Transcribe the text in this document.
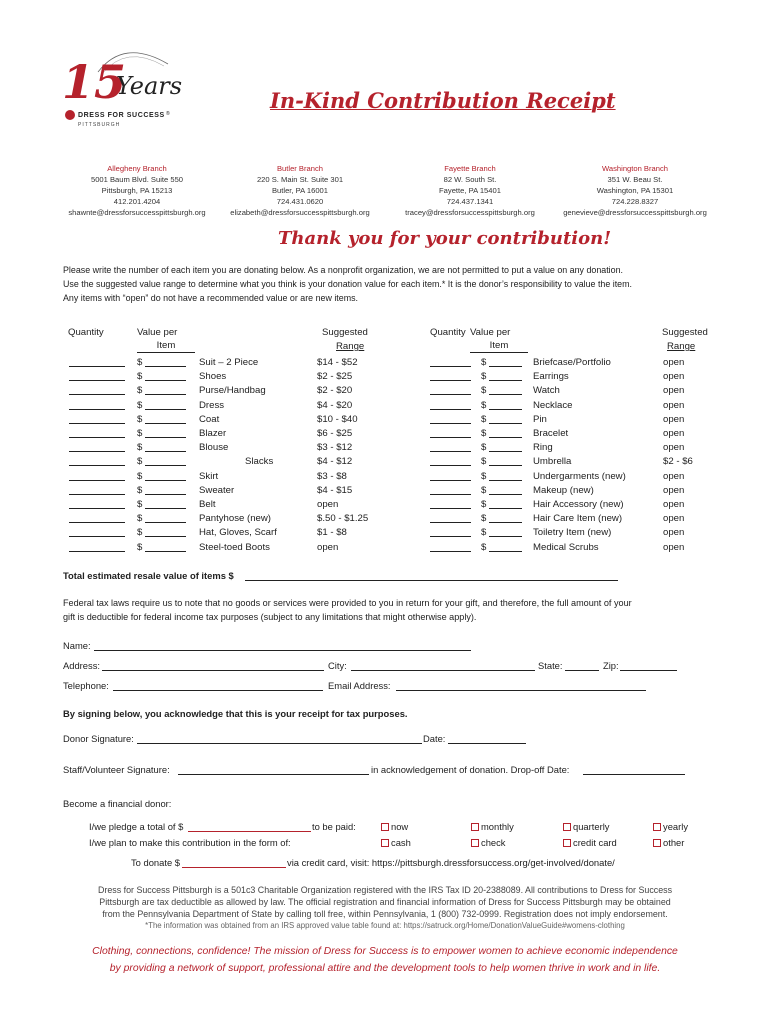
15
Years
DRESS FOR SUCCESS ®
PITTSBURGH
In-Kind Contribution Receipt
Allegheny Branch
5001 Baum Blvd. Suite 550
Pittsburgh, PA 15213
412.201.4204
shawnte@dressforsuccesspittsburgh.org
Butler Branch
220 S. Main St. Suite 301
Butler, PA 16001
724.431.0620
elizabeth@dressforsuccesspittsburgh.org
Fayette Branch
82 W. South St.
Fayette, PA 15401
724.437.1341
tracey@dressforsuccesspittsburgh.org
Washington Branch
351 W. Beau St.
Washington, PA 15301
724.228.8327
genevieve@dressforsuccesspittsburgh.org
Thank you for your contribution!
Please write the number of each item you are donating below. As a nonprofit organization, we are not permitted to put a value on any donation.
Use the suggested value range to determine what you think is your donation value for each item.* It is the donor’s responsibility to value the item.
Any items with “open” do not have a recommended value or are new items.
Quantity	Value per
Item
Suggested
Range
Quantity Value per
Item
Suggested
Range
$	Suit – 2 Piece	$14 - $52
$	Shoes	$2 - $25
$	Purse/Handbag	$2 - $20
$	Dress	$4 - $20
$	Coat	$10 - $40
$	Blazer	$6 - $25
$	Blouse	$3 - $12
$	Slacks	$4 - $12
$	Skirt	$3 - $8
$	Sweater	$4 - $15
$	Belt	open
$	Pantyhose (new)	$.50 - $1.25
$	Hat, Gloves, Scarf	$1 - $8
$	Steel-toed Boots	open
$	Briefcase/Portfolio	open
$	Earrings	open
$	Watch	open
$	Necklace	open
$	Pin	open
$	Bracelet	open
$	Ring	open
$	Umbrella	$2 - $6
$	Undergarments (new)	open
$	Makeup (new)	open
$	Hair Accessory (new)	open
$	Hair Care Item (new)	open
$	Toiletry Item (new)	open
$	Medical Scrubs	open
Total estimated resale value of items $
Federal tax laws require us to note that no goods or services were provided to you in return for your gift, and therefore, the full amount of your
gift is deductible for federal income tax purposes (subject to any limitations that might otherwise apply).
Name:
Address:	City:	State:	Zip:
Telephone:	Email Address:
By signing below, you acknowledge that this is your receipt for tax purposes.
Donor Signature:	Date:
Staff/Volunteer Signature:	in acknowledgement of donation. Drop-off Date:
Become a financial donor:
I/we pledge a total of $	to be paid:	now	monthly	quarterly	yearly
I/we plan to make this contribution in the form of:	cash	check	credit card	other
To donate $	via credit card, visit: https://pittsburgh.dressforsuccess.org/get-involved/donate/
Dress for Success Pittsburgh is a 501c3 Charitable Organization registered with the IRS Tax ID 20-2388089. All contributions to Dress for Success
Pittsburgh are tax deductible as allowed by law. The official registration and financial information of Dress for Success Pittsburgh may be obtained
from the Pennsylvania Department of State by calling toll free, within Pennsylvania, 1 (800) 732-0999. Registration does not imply endorsement.
*The information was obtained from an IRS approved value table found at: https://satruck.org/Home/DonationValueGuide#womens-clothing
Clothing, connections, confidence! The mission of Dress for Success is to empower women to achieve economic independence
by providing a network of support, professional attire and the development tools to help women thrive in work and in life.
